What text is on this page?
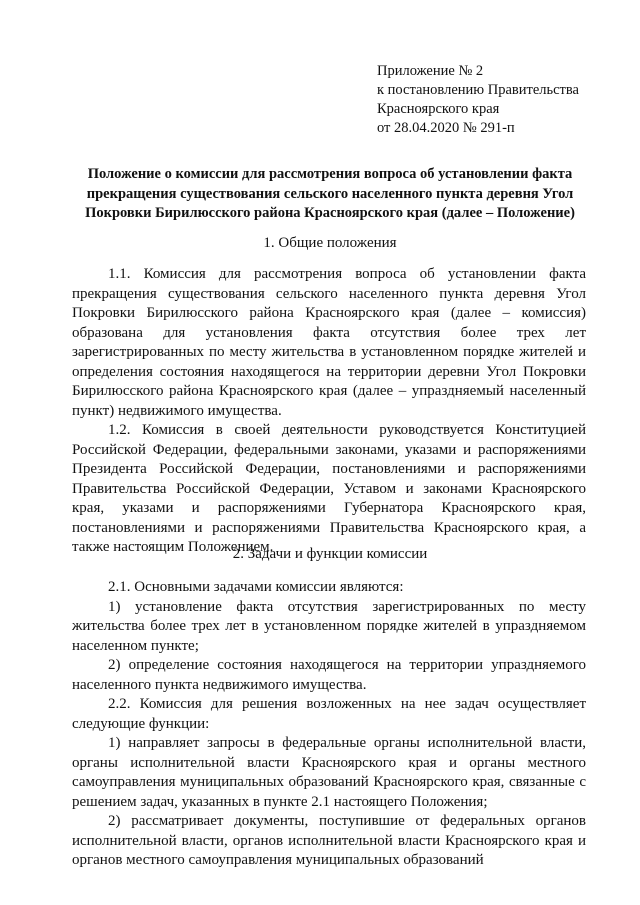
Приложение № 2
к постановлению Правительства
Красноярского края
от 28.04.2020 № 291-п
Положение о комиссии для рассмотрения вопроса об установлении факта прекращения существования сельского населенного пункта деревня Угол Покровки Бирилюсского района Красноярского края (далее – Положение)
1. Общие положения

1.1. Комиссия для рассмотрения вопроса об установлении факта прекращения существования сельского населенного пункта деревня Угол Покровки Бирилюсского района Красноярского края (далее – комиссия) образована для установления факта отсутствия более трех лет зарегистрированных по месту жительства в установленном порядке жителей и определения состояния находящегося на территории деревни Угол Покровки Бирилюсского района Красноярского края (далее – упраздняемый населенный пункт) недвижимого имущества.

1.2. Комиссия в своей деятельности руководствуется Конституцией Российской Федерации, федеральными законами, указами и распоряжениями Президента Российской Федерации, постановлениями и распоряжениями Правительства Российской Федерации, Уставом и законами Красноярского края, указами и распоряжениями Губернатора Красноярского края, постановлениями и распоряжениями Правительства Красноярского края, а также настоящим Положением.

2. Задачи и функции комиссии

2.1. Основными задачами комиссии являются:

1) установление факта отсутствия зарегистрированных по месту жительства более трех лет в установленном порядке жителей в упраздняемом населенном пункте;

2) определение состояния находящегося на территории упраздняемого населенного пункта недвижимого имущества.

2.2. Комиссия для решения возложенных на нее задач осуществляет следующие функции:

1) направляет запросы в федеральные органы исполнительной власти, органы исполнительной власти Красноярского края и органы местного самоуправления муниципальных образований Красноярского края, связанные с решением задач, указанных в пункте 2.1 настоящего Положения;

2) рассматривает документы, поступившие от федеральных органов исполнительной власти, органов исполнительной власти Красноярского края и органов местного самоуправления муниципальных образований
